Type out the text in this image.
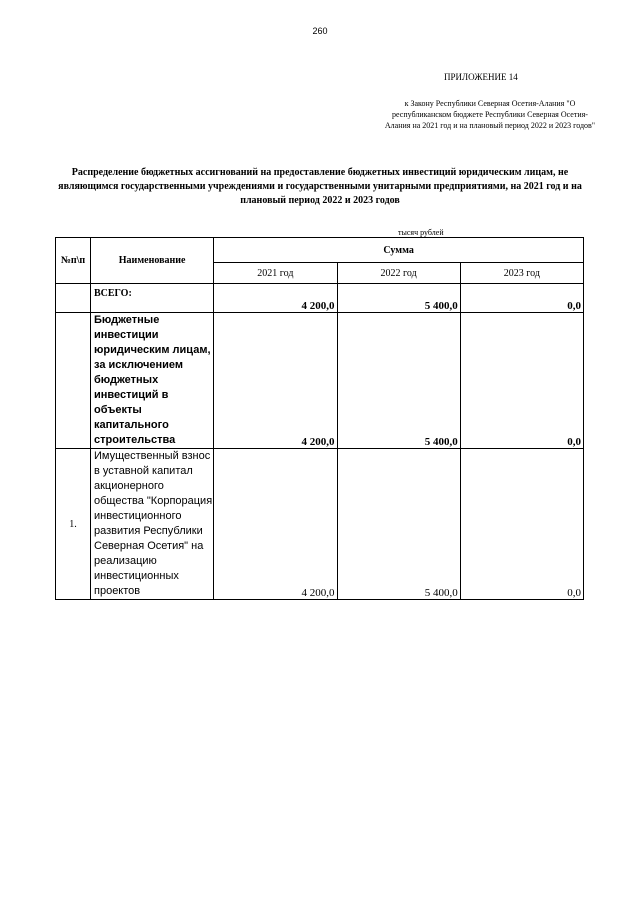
260
ПРИЛОЖЕНИЕ 14
к Закону Республики Северная Осетия-Алания "О республиканском бюджете Республики Северная Осетия-Алания на 2021 год и на плановый период 2022 и 2023 годов"
Распределение бюджетных ассигнований на предоставление бюджетных инвестиций юридическим лицам, не являющимся государственными учреждениями и государственными унитарными предприятиями, на 2021 год и на плановый период 2022 и 2023 годов
тысяч рублей
№п\п	Наименование	Сумма		
		2021 год	2022 год	2023 год
	ВСЕГО:	4 200,0	5 400,0	0,0
	Бюджетные инвестиции юридическим лицам, за исключением бюджетных инвестиций в объекты капитального строительства	4 200,0	5 400,0	0,0
1.	Имущественный взнос в уставной капитал акционерного общества "Корпорация инвестиционного развития Республики Северная Осетия" на реализацию инвестиционных проектов	4 200,0	5 400,0	0,0
